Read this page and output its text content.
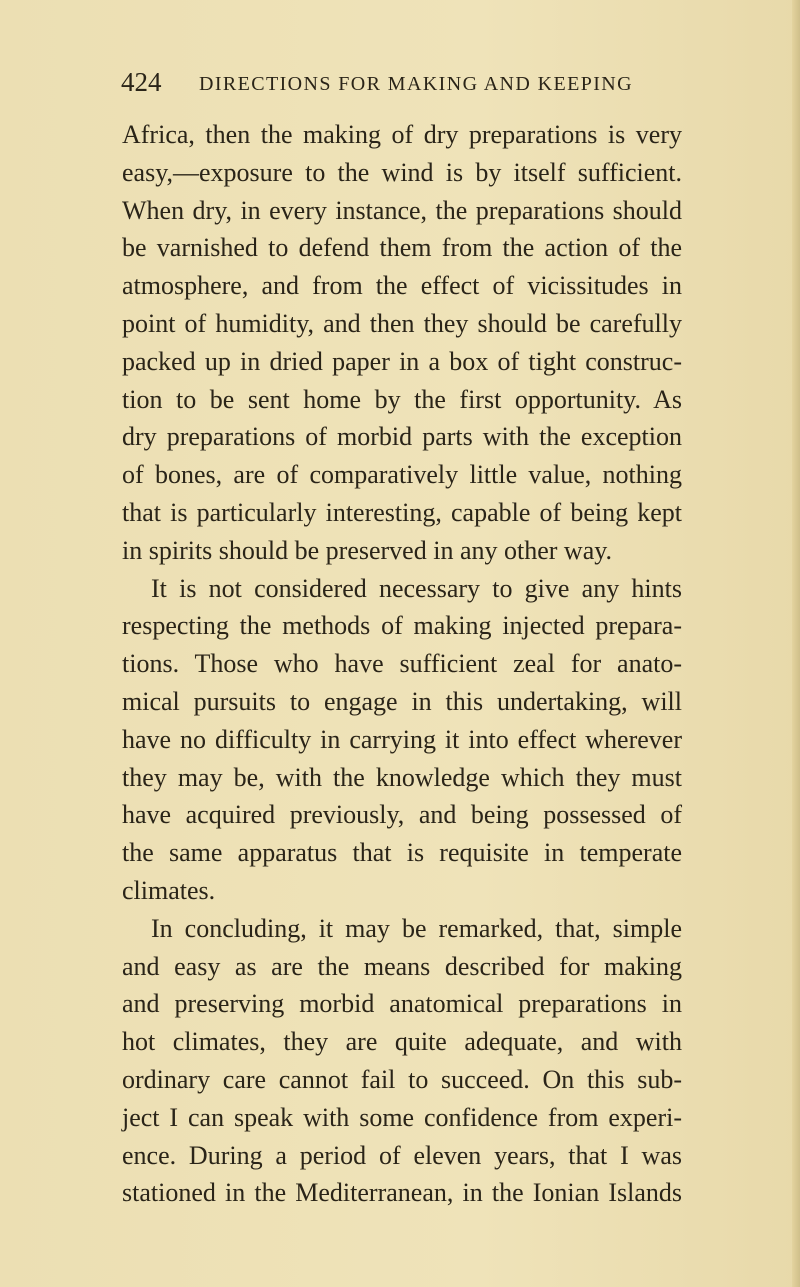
424 DIRECTIONS FOR MAKING AND KEEPING
Africa, then the making of dry preparations is very
easy,—exposure to the wind is by itself sufficient.
When dry, in every instance, the preparations should
be varnished to defend them from the action of the
atmosphere, and from the effect of vicissitudes in
point of humidity, and then they should be carefully
packed up in dried paper in a box of tight construc-
tion to be sent home by the first opportunity. As
dry preparations of morbid parts with the exception
of bones, are of comparatively little value, nothing
that is particularly interesting, capable of being kept
in spirits should be preserved in any other way.
It is not considered necessary to give any hints
respecting the methods of making injected prepara-
tions. Those who have sufficient zeal for anato-
mical pursuits to engage in this undertaking, will
have no difficulty in carrying it into effect wherever
they may be, with the knowledge which they must
have acquired previously, and being possessed of
the same apparatus that is requisite in temperate
climates.
In concluding, it may be remarked, that, simple
and easy as are the means described for making
and preserving morbid anatomical preparations in
hot climates, they are quite adequate, and with
ordinary care cannot fail to succeed. On this sub-
ject I can speak with some confidence from experi-
ence. During a period of eleven years, that I was
stationed in the Mediterranean, in the Ionian Islands
